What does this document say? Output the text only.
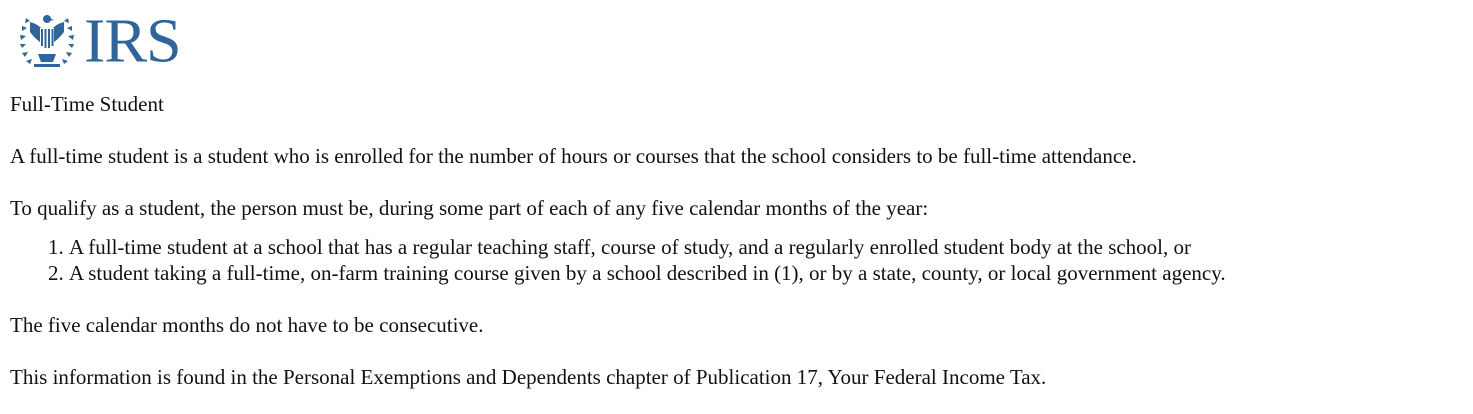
IRS

Full-Time Student

A full-time student is a student who is enrolled for the number of hours or courses that the school considers to be full-time attendance.

To qualify as a student, the person must be, during some part of each of any five calendar months of the year:

1. A full-time student at a school that has a regular teaching staff, course of study, and a regularly enrolled student body at the school, or
2. A student taking a full-time, on-farm training course given by a school described in (1), or by a state, county, or local government agency.

The five calendar months do not have to be consecutive.

This information is found in the Personal Exemptions and Dependents chapter of Publication 17, Your Federal Income Tax.
